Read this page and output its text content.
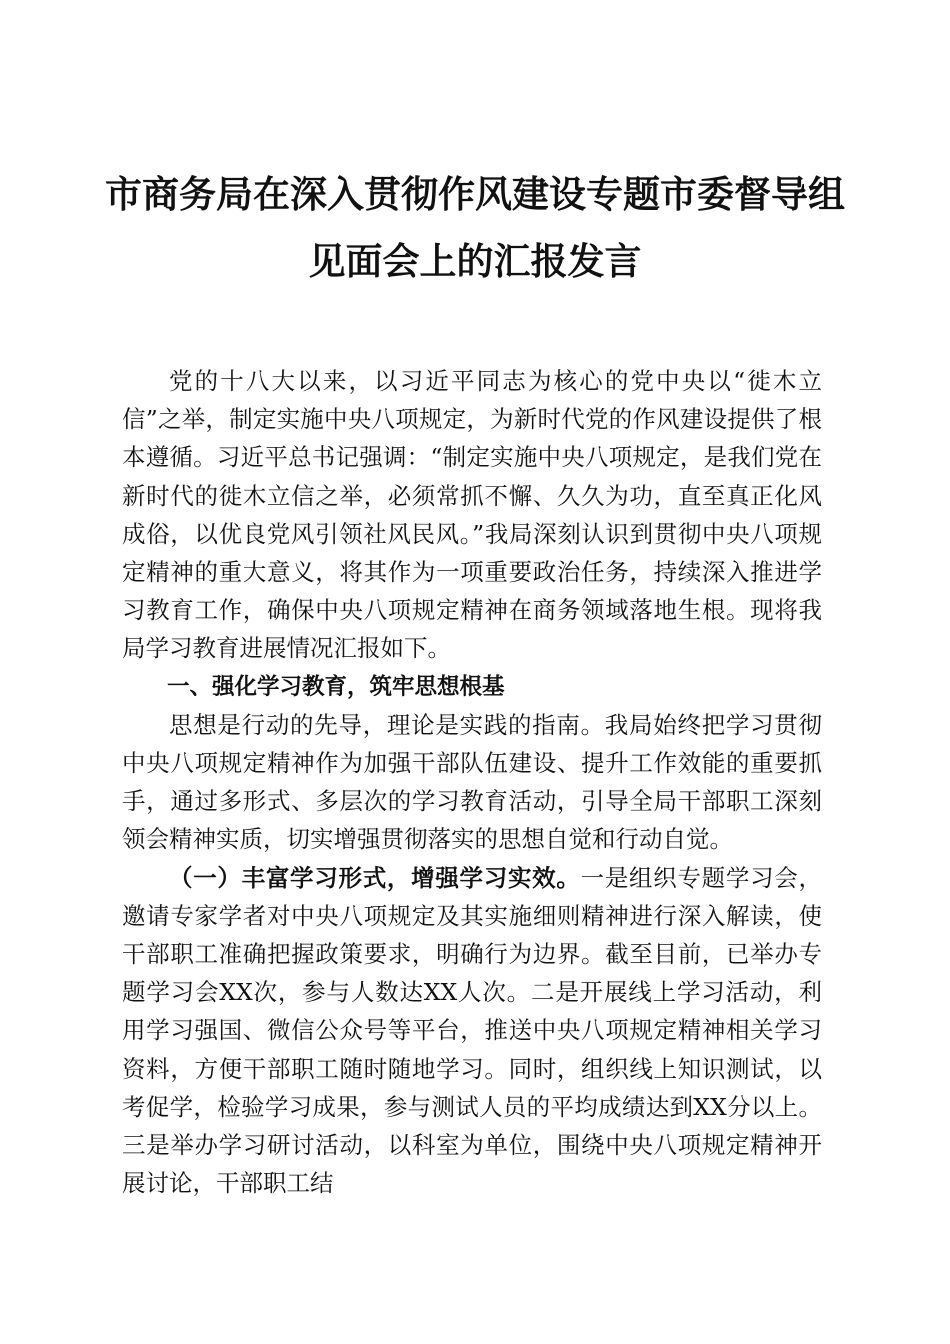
市商务局在深入贯彻作风建设专题市委督导组
见面会上的汇报发言

党的十八大以来，以习近平同志为核心的党中央以“徙木立信”之举，制定实施中央八项规定，为新时代党的作风建设提供了根本遵循。习近平总书记强调：“制定实施中央八项规定，是我们党在新时代的徙木立信之举，必须常抓不懈、久久为功，直至真正化风成俗，以优良党风引领社风民风。”我局深刻认识到贯彻中央八项规定精神的重大意义，将其作为一项重要政治任务，持续深入推进学习教育工作，确保中央八项规定精神在商务领域落地生根。现将我局学习教育进展情况汇报如下。

一、强化学习教育，筑牢思想根基

思想是行动的先导，理论是实践的指南。我局始终把学习贯彻中央八项规定精神作为加强干部队伍建设、提升工作效能的重要抓手，通过多形式、多层次的学习教育活动，引导全局干部职工深刻领会精神实质，切实增强贯彻落实的思想自觉和行动自觉。

（一）丰富学习形式，增强学习实效。一是组织专题学习会，邀请专家学者对中央八项规定及其实施细则精神进行深入解读，使干部职工准确把握政策要求，明确行为边界。截至目前，已举办专题学习会XX次，参与人数达XX人次。二是开展线上学习活动，利用学习强国、微信公众号等平台，推送中央八项规定精神相关学习资料，方便干部职工随时随地学习。同时，组织线上知识测试，以考促学，检验学习成果，参与测试人员的平均成绩达到XX分以上。三是举办学习研讨活动，以科室为单位，围绕中央八项规定精神开展讨论，干部职工结
